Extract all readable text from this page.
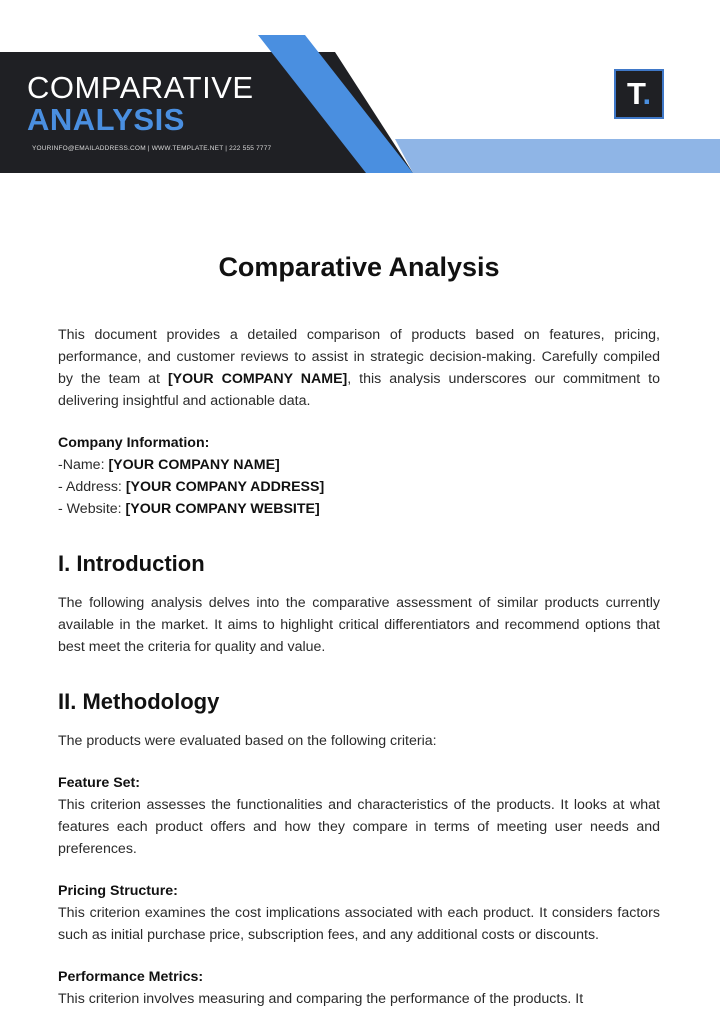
COMPARATIVE
ANALYSIS
YOURINFO@EMAILADDRESS.COM | WWW.TEMPLATE.NET | 222 555 7777
T.
Comparative Analysis

This document provides a detailed comparison of products based on features, pricing, performance, and customer reviews to assist in strategic decision-making. Carefully compiled by the team at [YOUR COMPANY NAME], this analysis underscores our commitment to delivering insightful and actionable data.

Company Information:
-Name: [YOUR COMPANY NAME]
- Address: [YOUR COMPANY ADDRESS]
- Website: [YOUR COMPANY WEBSITE]
I. Introduction

The following analysis delves into the comparative assessment of similar products currently available in the market. It aims to highlight critical differentiators and recommend options that best meet the criteria for quality and value.

II. Methodology

The products were evaluated based on the following criteria:

Feature Set:

This criterion assesses the functionalities and characteristics of the products. It looks at what features each product offers and how they compare in terms of meeting user needs and preferences.

Pricing Structure:

This criterion examines the cost implications associated with each product. It considers factors such as initial purchase price, subscription fees, and any additional costs or discounts.

Performance Metrics:

This criterion involves measuring and comparing the performance of the products. It
